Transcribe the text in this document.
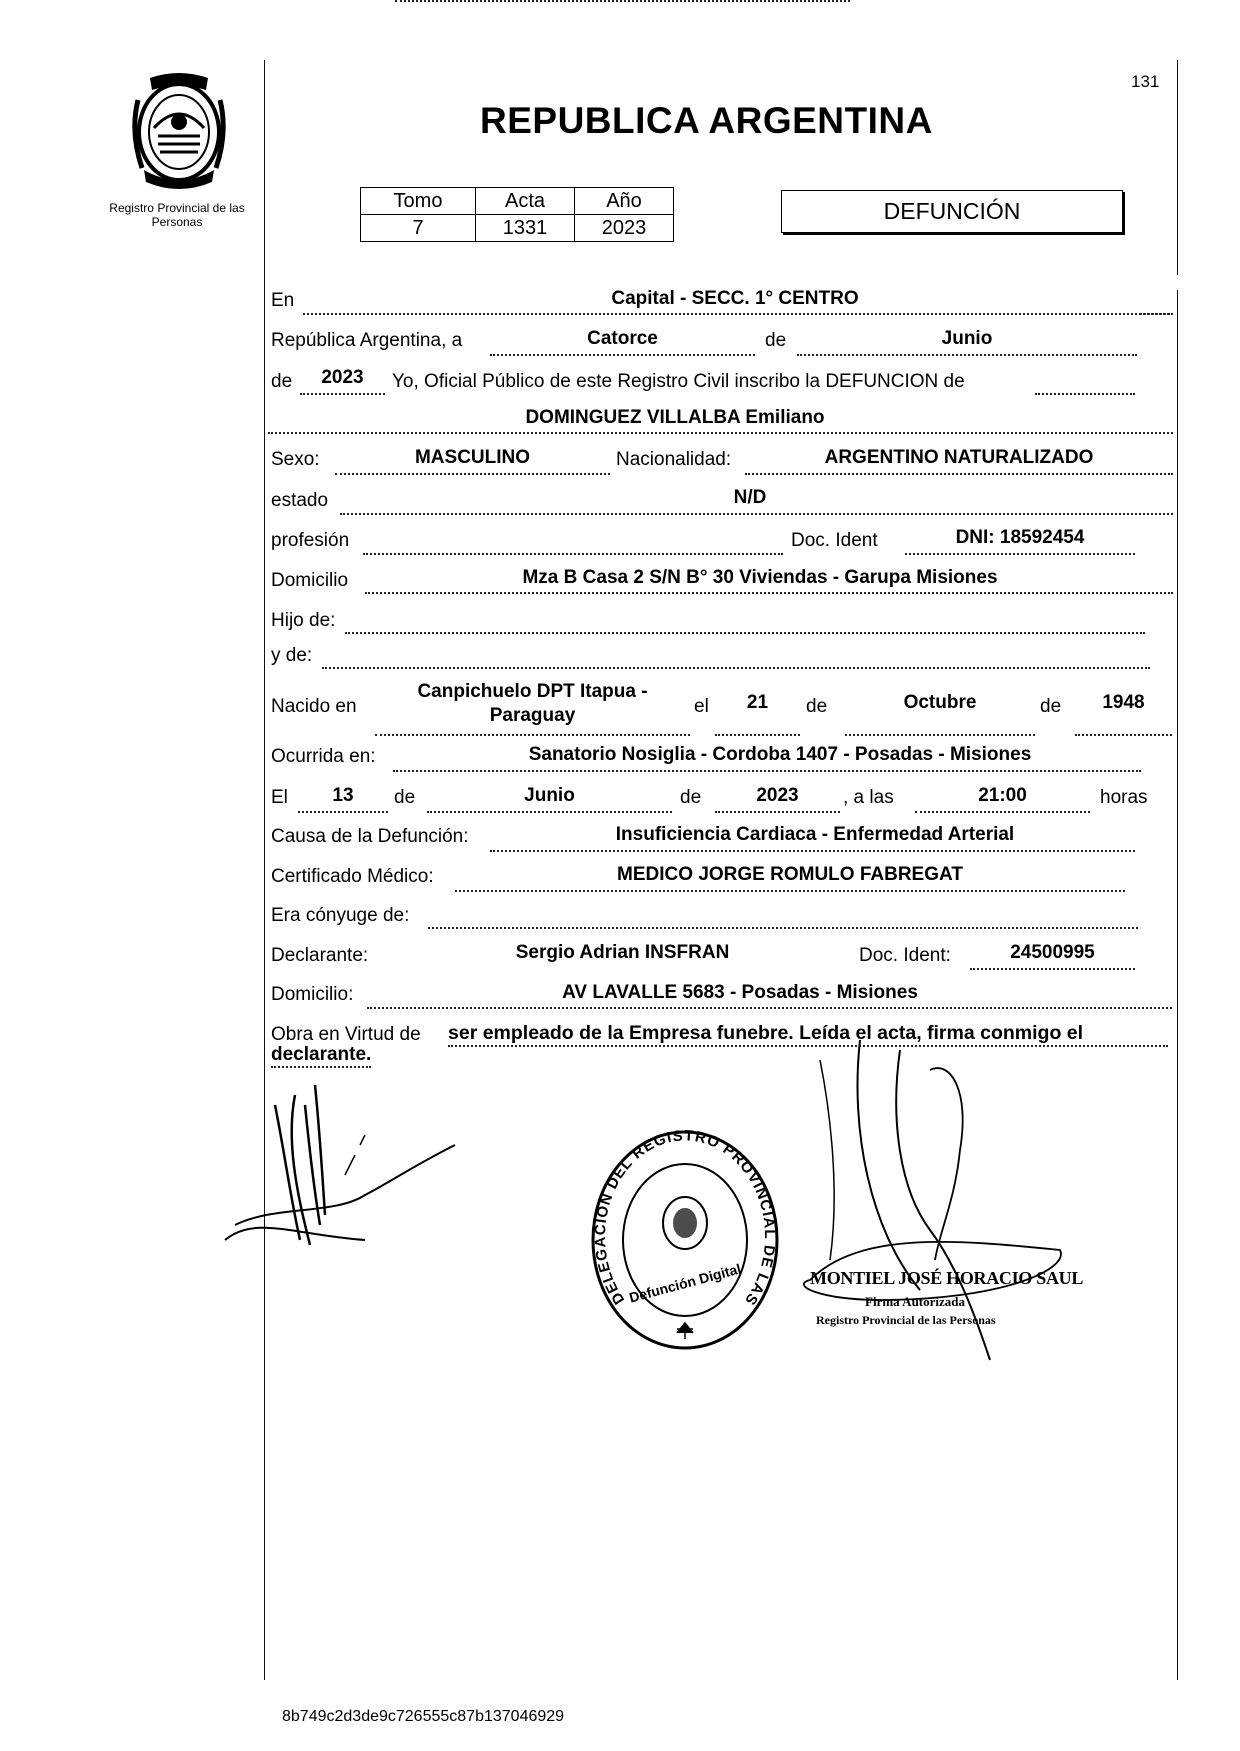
Registro Provincial de las Personas
131
REPUBLICA ARGENTINA
Tomo	Acta	Año
7	1331	2023
DEFUNCIÓN
En	Capital - SECC. 1° CENTRO
República Argentina, a	Catorce	de	Junio
de	2023	Yo, Oficial Público de este Registro Civil inscribo la DEFUNCION de
DOMINGUEZ VILLALBA Emiliano
Sexo:	MASCULINO	Nacionalidad:	ARGENTINO NATURALIZADO
estado	N/D
profesión	Doc. Ident	DNI: 18592454
Domicilio	Mza B Casa 2 S/N B° 30 Viviendas - Garupa Misiones
Hijo de:
y de:
Nacido en
Canpichuelo DPT Itapua -
Paraguay	el	21	de	Octubre	de	1948
Ocurrida en:	Sanatorio Nosiglia - Cordoba 1407 - Posadas - Misiones
El	13	de	Junio	de	2023	, a las	21:00	horas
Causa de la Defunción:	Insuficiencia Cardiaca - Enfermedad Arterial
Certificado Médico:	MEDICO JORGE ROMULO FABREGAT
Era cónyuge de:
Declarante:	Sergio Adrian INSFRAN	Doc. Ident:	24500995
Domicilio:	AV LAVALLE 5683 - Posadas - Misiones
Obra en Virtud de ser empleado de la Empresa funebre. Leída el acta, firma conmigo el
declarante.
DELEGACION DEL REGISTRO PROVINCIAL DE LAS
Defunción Digital	MONTIEL JOSÉ HORACIO SAUL
Firma Autorizada
Registro Provincial de las Personas
8b749c2d3de9c726555c87b137046929
